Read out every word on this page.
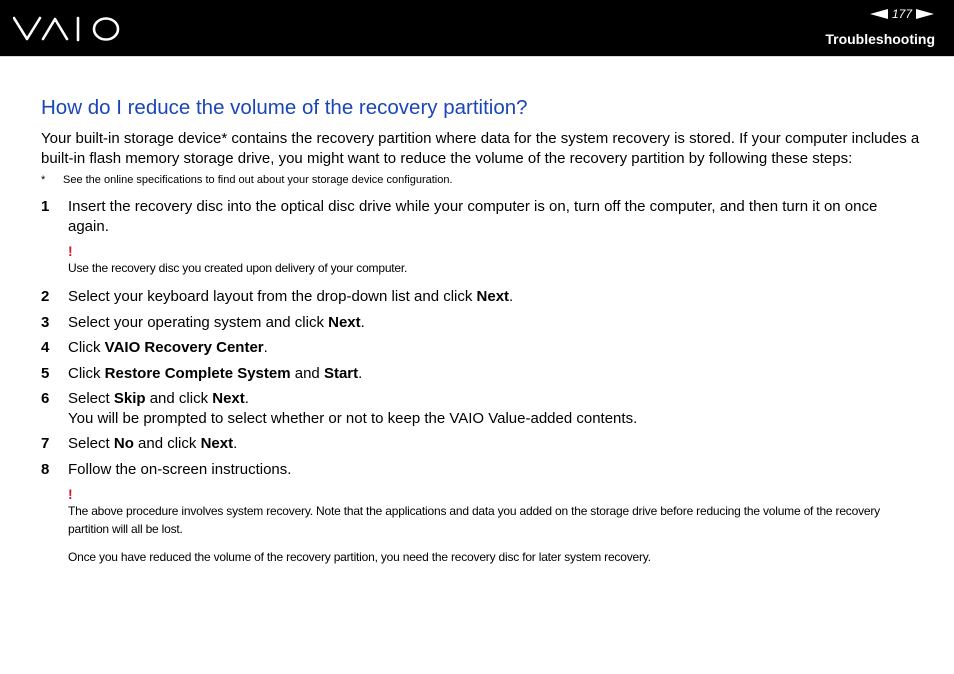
177
Troubleshooting
How do I reduce the volume of the recovery partition?
Your built-in storage device* contains the recovery partition where data for the system recovery is stored. If your computer includes a built-in flash memory storage drive, you might want to reduce the volume of the recovery partition by following these steps:
*	See the online specifications to find out about your storage device configuration.
1	Insert the recovery disc into the optical disc drive while your computer is on, turn off the computer, and then turn it on once again.
!
Use the recovery disc you created upon delivery of your computer.
2	Select your keyboard layout from the drop-down list and click Next.
3	Select your operating system and click Next.
4	Click VAIO Recovery Center.
5	Click Restore Complete System and Start.
6	Select Skip and click Next.
You will be prompted to select whether or not to keep the VAIO Value-added contents.
7	Select No and click Next.
8	Follow the on-screen instructions.
!
The above procedure involves system recovery. Note that the applications and data you added on the storage drive before reducing the volume of the recovery partition will all be lost.
Once you have reduced the volume of the recovery partition, you need the recovery disc for later system recovery.
